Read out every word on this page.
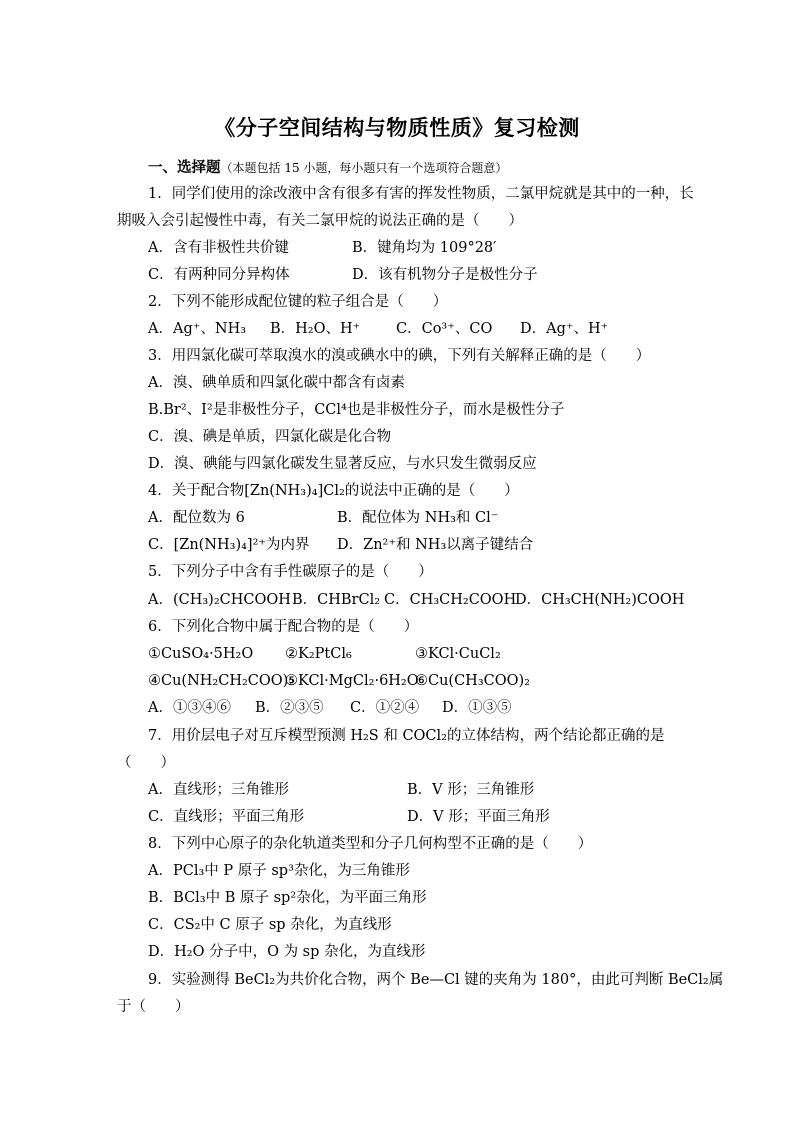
《分子空间结构与物质性质》复习检测
一、选择题（本题包括 15 小题，每小题只有一个选项符合题意）
1．同学们使用的涂改液中含有很多有害的挥发性物质，二氯甲烷就是其中的一种，长
期吸入会引起慢性中毒，有关二氯甲烷的说法正确的是（　　）
A．含有非极性共价键	B．键角均为 109°28′
C．有两种同分异构体	D．该有机物分子是极性分子
2．下列不能形成配位键的粒子组合是（　　）
A．Ag⁺、NH₃ B．H₂O、H⁺ C．Co³⁺、CO D．Ag⁺、H⁺
3．用四氯化碳可萃取溴水的溴或碘水中的碘，下列有关解释正确的是（　　）
A．溴、碘单质和四氯化碳中都含有卤素
B.Br²、I²是非极性分子，CCl⁴也是非极性分子，而水是极性分子
C．溴、碘是单质，四氯化碳是化合物
D．溴、碘能与四氯化碳发生显著反应，与水只发生微弱反应
4．关于配合物[Zn(NH₃)₄]Cl₂的说法中正确的是（　　）
A．配位数为 6	B．配位体为 NH₃和 Cl⁻
C．[Zn(NH₃)₄]²⁺为内界 D．Zn²⁺和 NH₃以离子键结合
5．下列分子中含有手性碳原子的是（　　）
A．(CH₃)₂CHCOOH B．CHBrCl₂ C．CH₃CH₂COOH
D．CH₃CH(NH₂)COOH
6．下列化合物中属于配合物的是（　　）
①CuSO₄·5H₂O ②K₂PtCl₆	③KCl·CuCl₂
④Cu(NH₂CH₂COO)₂
⑤KCl·MgCl₂·6H₂O
⑥Cu(CH₃COO)₂
A．①③④⑥ B．②③⑤ C．①②④ D．①③⑤
7．用价层电子对互斥模型预测 H₂S 和 COCl₂的立体结构，两个结论都正确的是
（　　）
A．直线形；三角锥形	B．V 形；三角锥形
C．直线形；平面三角形	D．V 形；平面三角形
8．下列中心原子的杂化轨道类型和分子几何构型不正确的是（　　）
A．PCl₃中 P 原子 sp³杂化，为三角锥形
B．BCl₃中 B 原子 sp²杂化，为平面三角形
C．CS₂中 C 原子 sp 杂化，为直线形
D．H₂O 分子中，O 为 sp 杂化，为直线形
9．实验测得 BeCl₂为共价化合物，两个 Be—Cl 键的夹角为 180°，由此可判断 BeCl₂属
于（　　）
